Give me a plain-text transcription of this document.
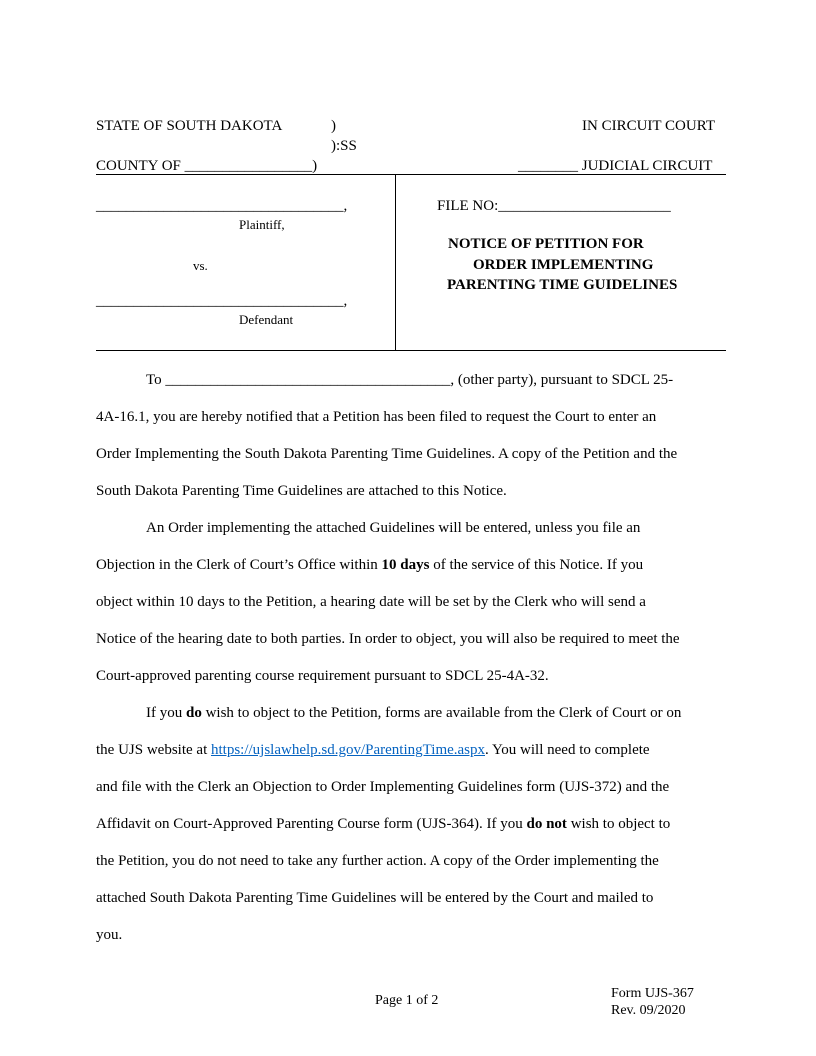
STATE OF SOUTH DAKOTA	)
):SS
COUNTY OF _________________)
IN CIRCUIT COURT
________ JUDICIAL CIRCUIT
_________________________________,
Plaintiff,
vs.
_________________________________,
Defendant
FILE NO:_______________________
NOTICE OF PETITION FOR
ORDER IMPLEMENTING
PARENTING TIME GUIDELINES
To ______________________________________, (other party), pursuant to SDCL 25-
4A-16.1, you are hereby notified that a Petition has been filed to request the Court to enter an
Order Implementing the South Dakota Parenting Time Guidelines. A copy of the Petition and the
South Dakota Parenting Time Guidelines are attached to this Notice.
An Order implementing the attached Guidelines will be entered, unless you file an
Objection in the Clerk of Court’s Office within 10 days of the service of this Notice. If you
object within 10 days to the Petition, a hearing date will be set by the Clerk who will send a
Notice of the hearing date to both parties. In order to object, you will also be required to meet the
Court-approved parenting course requirement pursuant to SDCL 25-4A-32.
If you do wish to object to the Petition, forms are available from the Clerk of Court or on
the UJS website at https://ujslawhelp.sd.gov/ParentingTime.aspx. You will need to complete
and file with the Clerk an Objection to Order Implementing Guidelines form (UJS-372) and the
Affidavit on Court-Approved Parenting Course form (UJS-364). If you do not wish to object to
the Petition, you do not need to take any further action. A copy of the Order implementing the
attached South Dakota Parenting Time Guidelines will be entered by the Court and mailed to
you.
Page 1 of 2	Form UJS-367
Rev. 09/2020
